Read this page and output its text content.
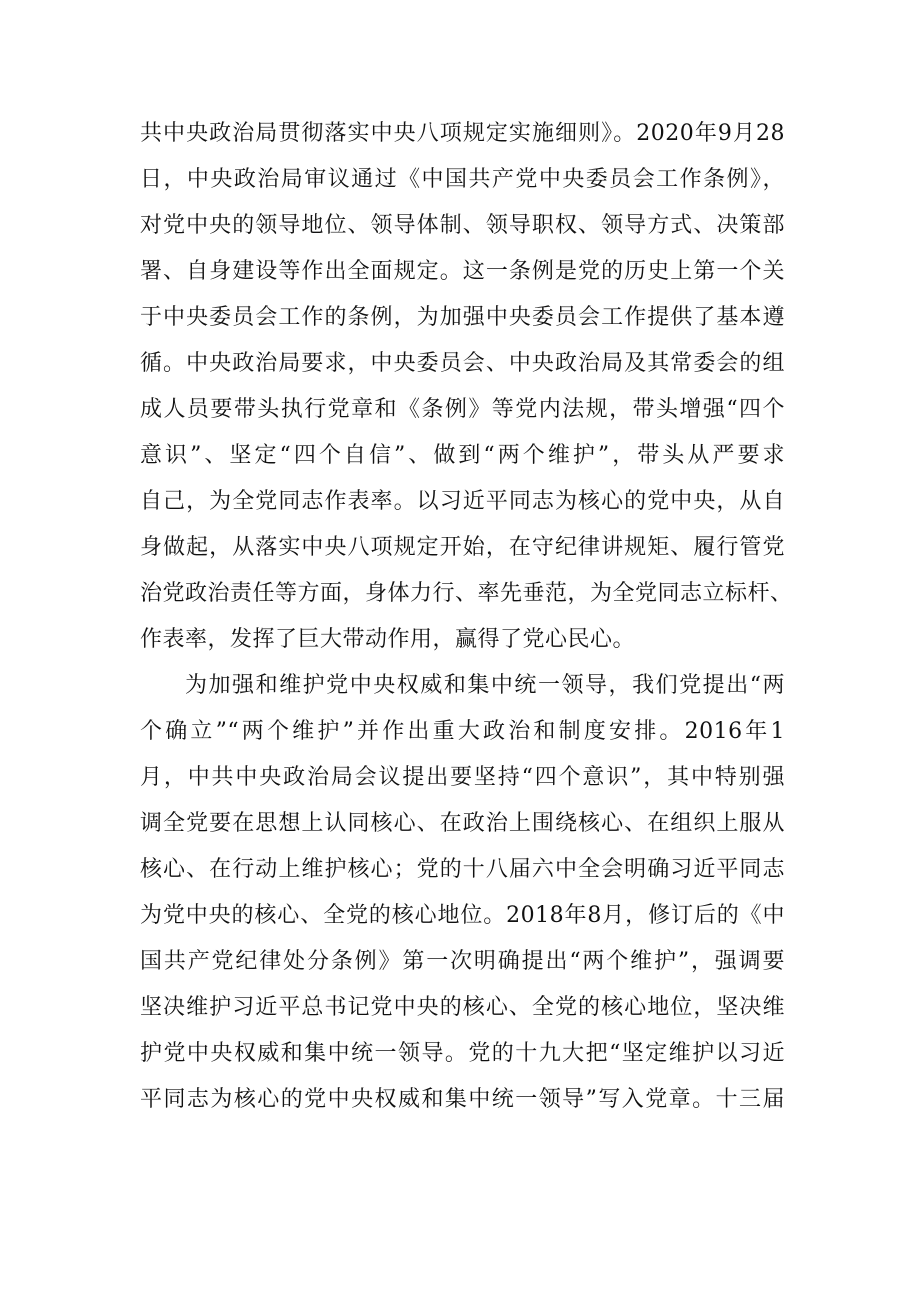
共中央政治局贯彻落实中央八项规定实施细则》。2020年9月28
日，中央政治局审议通过《中国共产党中央委员会工作条例》，
对党中央的领导地位、领导体制、领导职权、领导方式、决策部
署、自身建设等作出全面规定。这一条例是党的历史上第一个关
于中央委员会工作的条例，为加强中央委员会工作提供了基本遵
循。中央政治局要求，中央委员会、中央政治局及其常委会的组
成人员要带头执行党章和《条例》等党内法规，带头增强“四个
意识”、坚定“四个自信”、做到“两个维护”，带头从严要求
自己，为全党同志作表率。以习近平同志为核心的党中央，从自
身做起，从落实中央八项规定开始，在守纪律讲规矩、履行管党
治党政治责任等方面，身体力行、率先垂范，为全党同志立标杆、
作表率，发挥了巨大带动作用，赢得了党心民心。
为加强和维护党中央权威和集中统一领导，我们党提出“两
个确立”“两个维护”并作出重大政治和制度安排。2016年1
月，中共中央政治局会议提出要坚持“四个意识”，其中特别强
调全党要在思想上认同核心、在政治上围绕核心、在组织上服从
核心、在行动上维护核心；党的十八届六中全会明确习近平同志
为党中央的核心、全党的核心地位。2018年8月，修订后的《中
国共产党纪律处分条例》第一次明确提出“两个维护”，强调要
坚决维护习近平总书记党中央的核心、全党的核心地位，坚决维
护党中央权威和集中统一领导。党的十九大把“坚定维护以习近
平同志为核心的党中央权威和集中统一领导”写入党章。十三届
